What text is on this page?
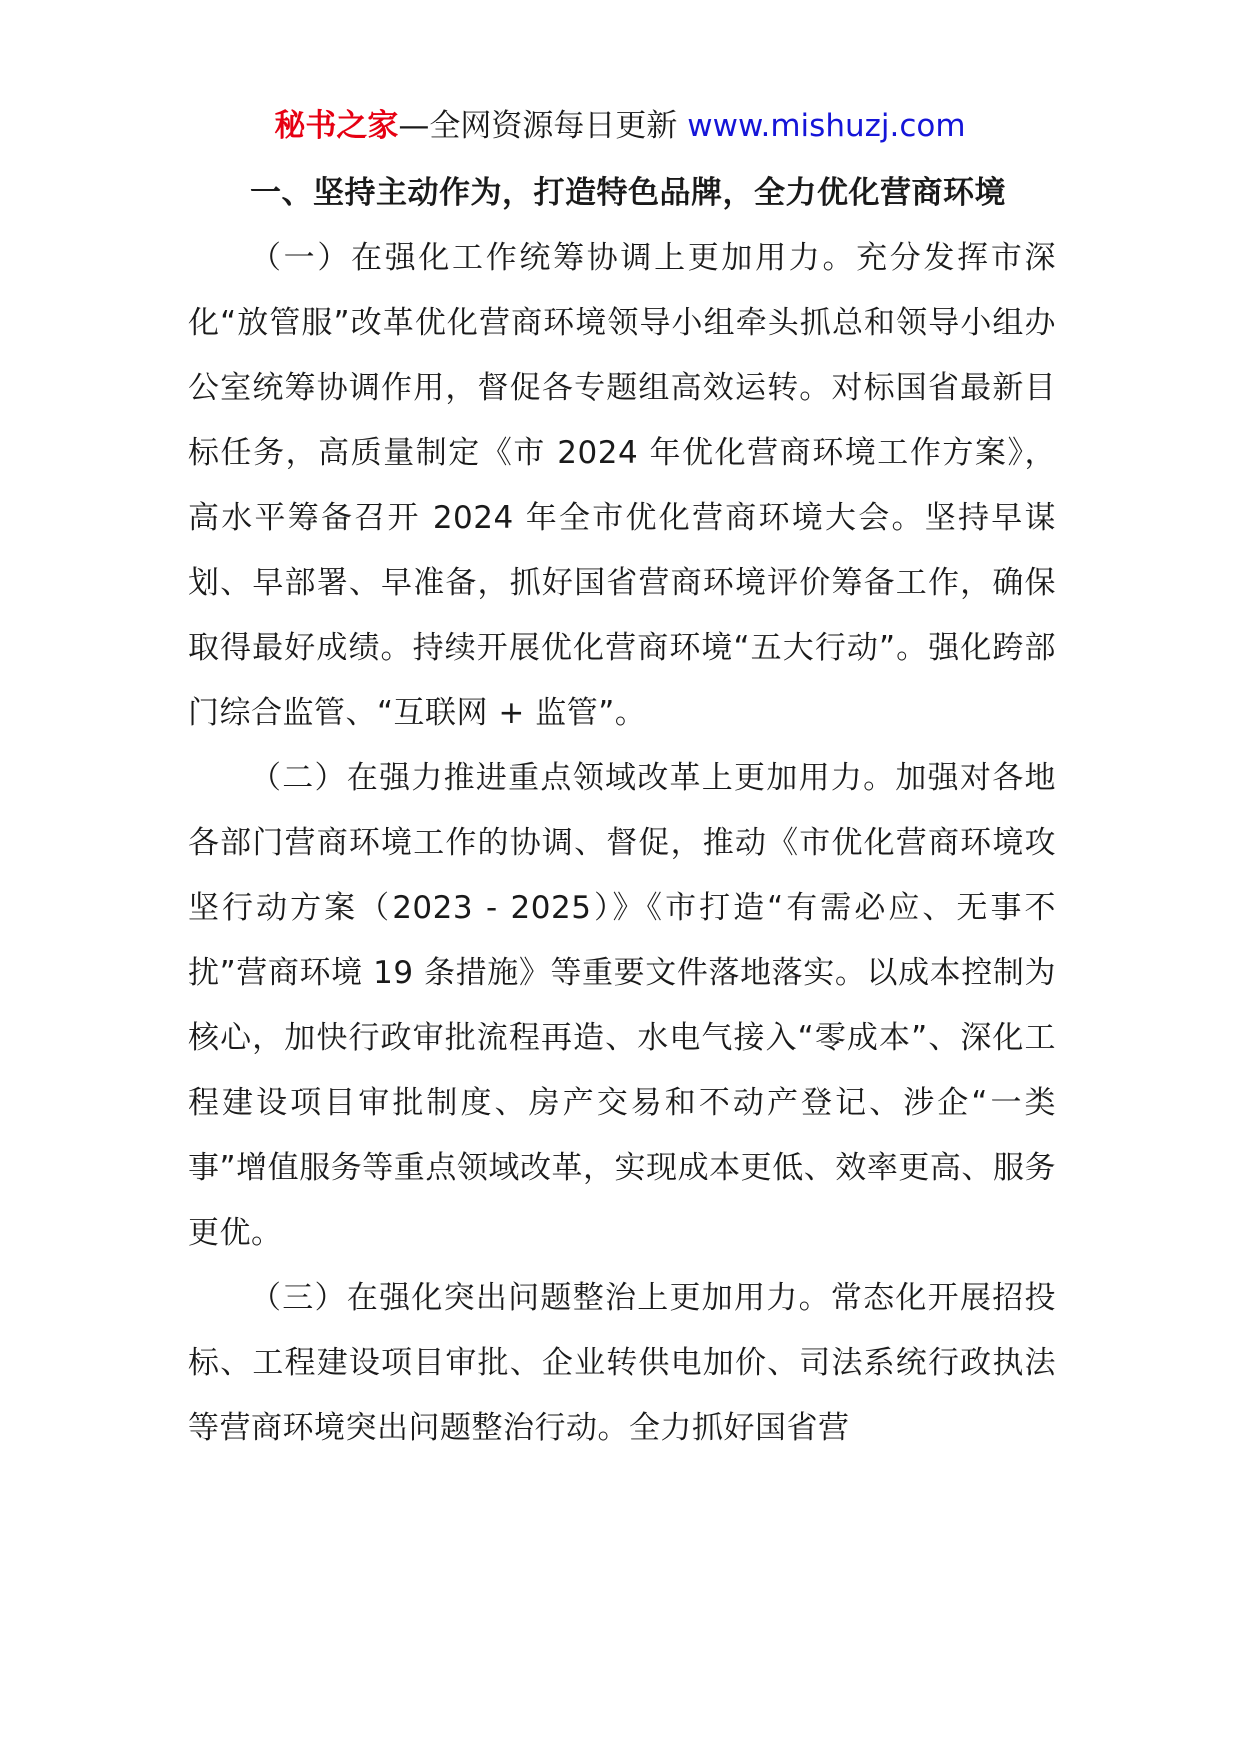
秘书之家—全网资源每日更新 www.mishuzj.com

一、坚持主动作为，打造特色品牌，全力优化营商环境

（一）在强化工作统筹协调上更加用力。充分发挥市深化“放管服”改革优化营商环境领导小组牵头抓总和领导小组办公室统筹协调作用，督促各专题组高效运转。对标国省最新目标任务，高质量制定《市 2024 年优化营商环境工作方案》，高水平筹备召开 2024 年全市优化营商环境大会。坚持早谋划、早部署、早准备，抓好国省营商环境评价筹备工作，确保取得最好成绩。持续开展优化营商环境“五大行动”。强化跨部门综合监管、“互联网 + 监管”。

（二）在强力推进重点领域改革上更加用力。加强对各地各部门营商环境工作的协调、督促，推动《市优化营商环境攻坚行动方案（2023 - 2025）》《市打造“有需必应、无事不扰”营商环境 19 条措施》等重要文件落地落实。以成本控制为核心，加快行政审批流程再造、水电气接入“零成本”、深化工程建设项目审批制度、房产交易和不动产登记、涉企“一类事”增值服务等重点领域改革，实现成本更低、效率更高、服务更优。

（三）在强化突出问题整治上更加用力。常态化开展招投标、工程建设项目审批、企业转供电加价、司法系统行政执法等营商环境突出问题整治行动。全力抓好国省营
